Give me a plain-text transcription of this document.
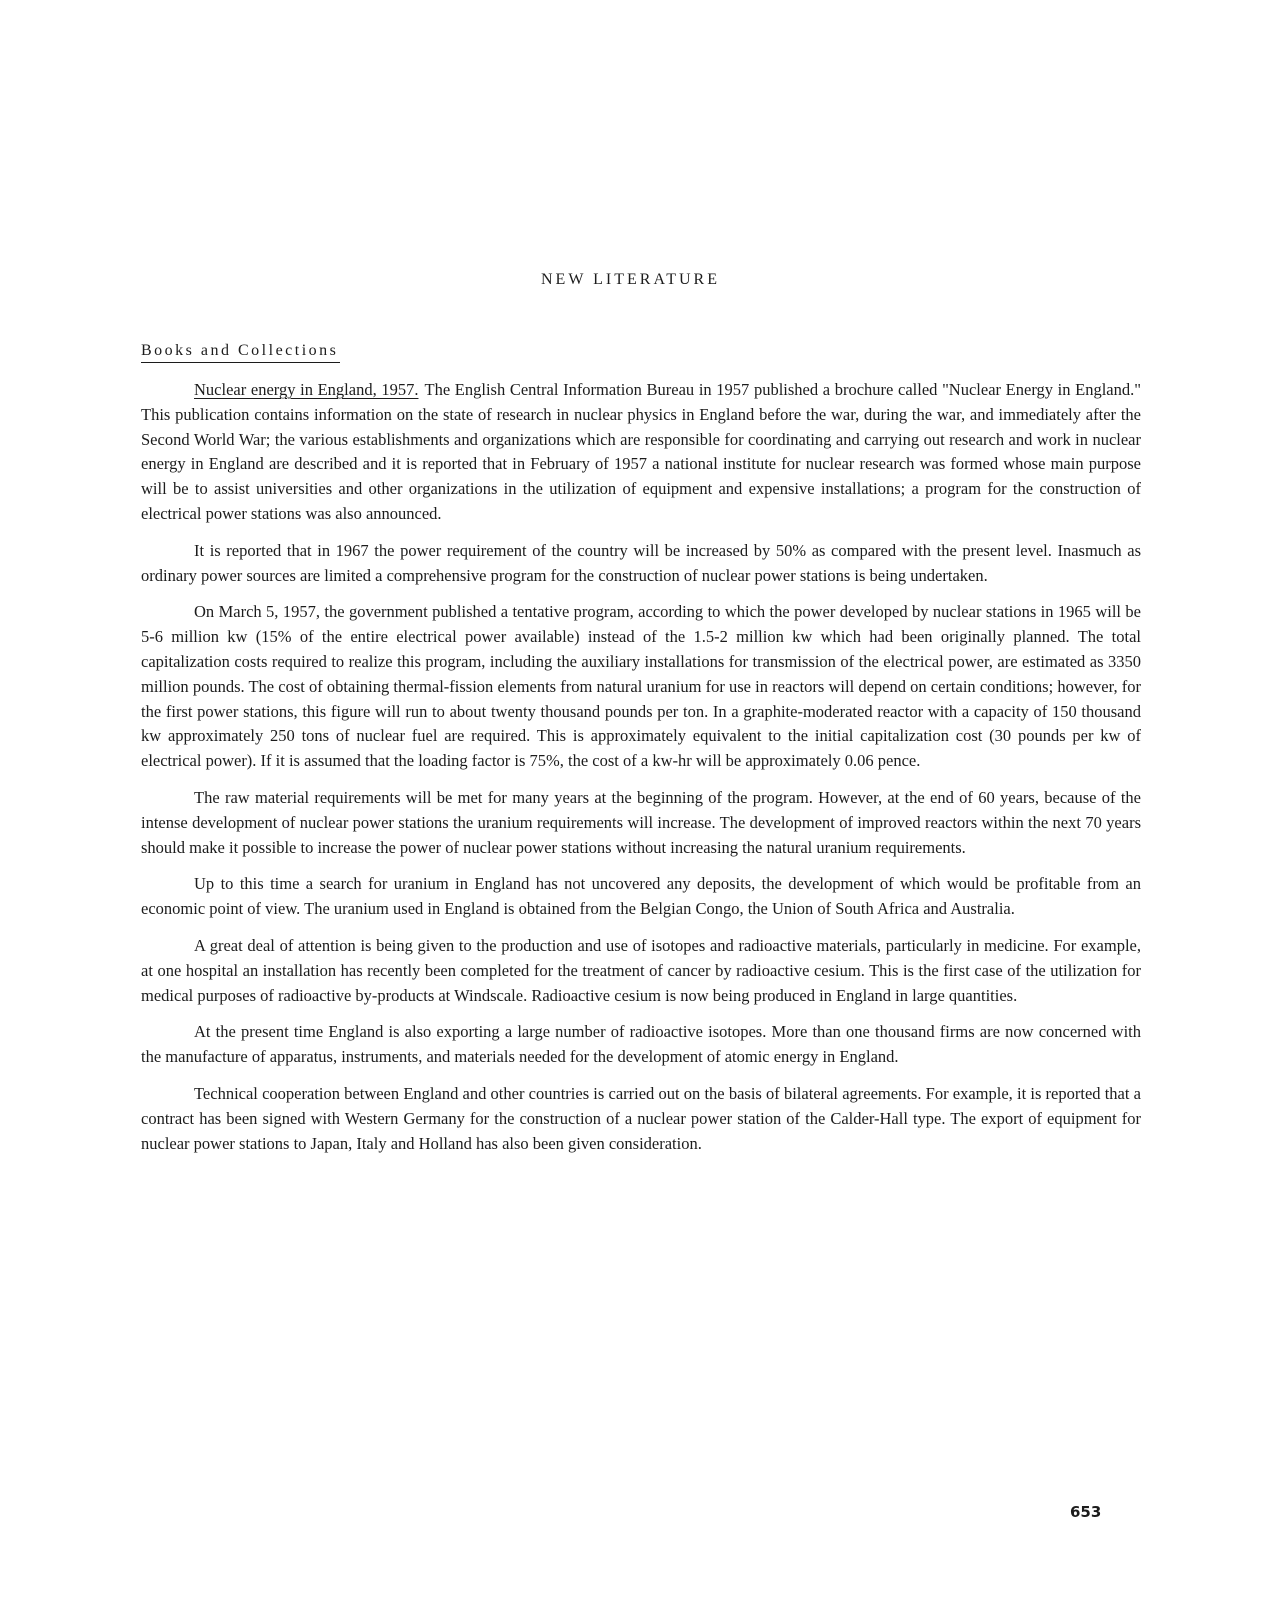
NEW LITERATURE
Books and Collections

Nuclear energy in England, 1957. The English Central Information Bureau in 1957 published a brochure called "Nuclear Energy in England." This publication contains information on the state of research in nuclear physics in England before the war, during the war, and immediately after the Second World War; the various establishments and organizations which are responsible for coordinating and carrying out research and work in nuclear energy in England are described and it is reported that in February of 1957 a national institute for nuclear research was formed whose main purpose will be to assist universities and other organizations in the utilization of equipment and expensive installations; a program for the construction of electrical power stations was also announced.

It is reported that in 1967 the power requirement of the country will be increased by 50% as compared with the present level. Inasmuch as ordinary power sources are limited a comprehensive program for the construction of nuclear power stations is being undertaken.

On March 5, 1957, the government published a tentative program, according to which the power developed by nuclear stations in 1965 will be 5-6 million kw (15% of the entire electrical power available) instead of the 1.5-2 million kw which had been originally planned. The total capitalization costs required to realize this program, including the auxiliary installations for transmission of the electrical power, are estimated as 3350 million pounds. The cost of obtaining thermal-fission elements from natural uranium for use in reactors will depend on certain conditions; however, for the first power stations, this figure will run to about twenty thousand pounds per ton. In a graphite-moderated reactor with a capacity of 150 thousand kw approximately 250 tons of nuclear fuel are required. This is approximately equivalent to the initial capitalization cost (30 pounds per kw of electrical power). If it is assumed that the loading factor is 75%, the cost of a kw-hr will be approximately 0.06 pence.

The raw material requirements will be met for many years at the beginning of the program. However, at the end of 60 years, because of the intense development of nuclear power stations the uranium requirements will increase. The development of improved reactors within the next 70 years should make it possible to increase the power of nuclear power stations without increasing the natural uranium requirements.

Up to this time a search for uranium in England has not uncovered any deposits, the development of which would be profitable from an economic point of view. The uranium used in England is obtained from the Belgian Congo, the Union of South Africa and Australia.

A great deal of attention is being given to the production and use of isotopes and radioactive materials, particularly in medicine. For example, at one hospital an installation has recently been completed for the treatment of cancer by radioactive cesium. This is the first case of the utilization for medical purposes of radioactive by-products at Windscale. Radioactive cesium is now being produced in England in large quantities.

At the present time England is also exporting a large number of radioactive isotopes. More than one thousand firms are now concerned with the manufacture of apparatus, instruments, and materials needed for the development of atomic energy in England.

Technical cooperation between England and other countries is carried out on the basis of bilateral agreements. For example, it is reported that a contract has been signed with Western Germany for the construction of a nuclear power station of the Calder-Hall type. The export of equipment for nuclear power stations to Japan, Italy and Holland has also been given consideration.

653
